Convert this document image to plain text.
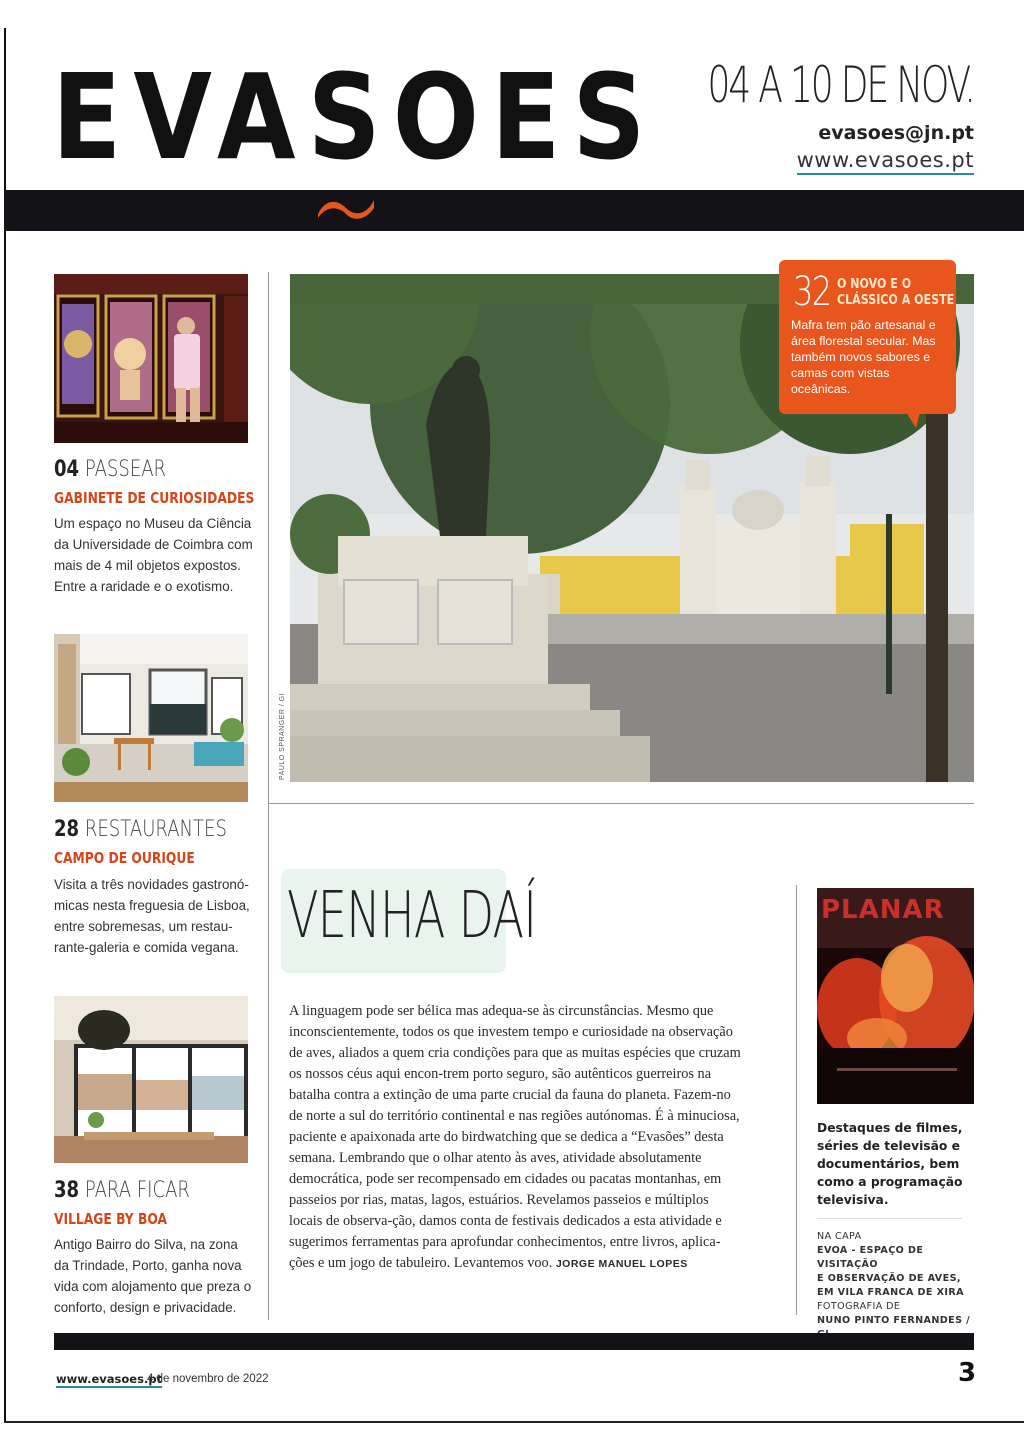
EVASOES 04 A 10 DE NOV.
evasoes@jn.pt
www.evasoes.pt
04 PASSEAR
GABINETE DE CURIOSIDADES
Um espaço no Museu da Ciência da Universidade de Coimbra com mais de 4 mil objetos expostos. Entre a raridade e o exotismo.
28 RESTAURANTES
CAMPO DE OURIQUE
Visita a três novidades gastronó-micas nesta freguesia de Lisboa, entre sobremesas, um restau-rante-galeria e comida vegana.
38 PARA FICAR
VILLAGE BY BOA
Antigo Bairro do Silva, na zona da Trindade, Porto, ganha nova vida com alojamento que preza o conforto, design e privacidade.
PAULO SPRANGER / GI
32 O NOVO E O
CLÁSSICO A OESTE
Mafra tem pão artesanal e área florestal secular. Mas também novos sabores e camas com vistas oceânicas.
VENHA DAÍ
A linguagem pode ser bélica mas adequa-se às circunstâncias. Mesmo que inconscientemente, todos os que investem tempo e curiosidade na observação de aves, aliados a quem cria condições para que as muitas espécies que cruzam os nossos céus aqui encon-trem porto seguro, são autênticos guerreiros na batalha contra a extinção de uma parte crucial da fauna do planeta. Fazem-no de norte a sul do território continental e nas regiões autónomas. É à minuciosa, paciente e apaixonada arte do birdwatching que se dedica a “Evasões” desta semana. Lembrando que o olhar atento às aves, atividade absolutamente democrática, pode ser recompensado em cidades ou pacatas montanhas, em passeios por rias, matas, lagos, estuários. Revelamos passeios e múltiplos locais de observa-ção, damos conta de festivais dedicados a esta atividade e sugerimos ferramentas para aprofundar conhecimentos, entre livros, aplica-ções e um jogo de tabuleiro. Levantemos voo. JORGE MANUEL LOPES
PLANAR
Destaques de filmes, séries de televisão e documentários, bem como a programação televisiva.
NA CAPA
EVOA - ESPAÇO DE VISITAÇÃO
E OBSERVAÇÃO DE AVES,
EM VILA FRANCA DE XIRA
FOTOGRAFIA DE
NUNO PINTO FERNANDES /
www.evasoes.pt
4 de novembro de 2022	3
